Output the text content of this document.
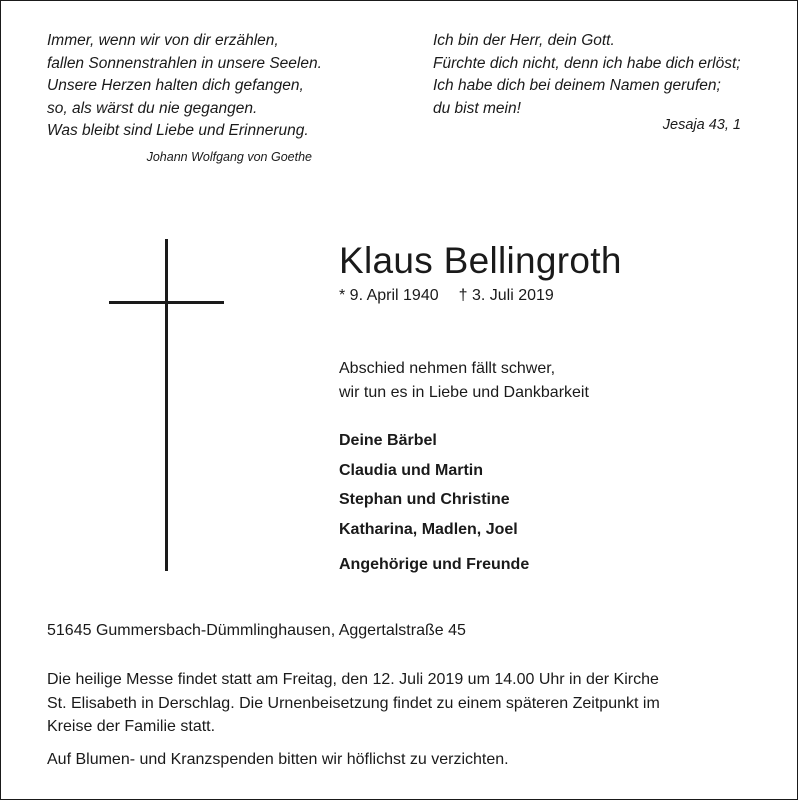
Immer, wenn wir von dir erzählen,
fallen Sonnenstrahlen in unsere Seelen.
Unsere Herzen halten dich gefangen,
so, als wärst du nie gegangen.
Was bleibt sind Liebe und Erinnerung.
Johann Wolfgang von Goethe
Ich bin der Herr, dein Gott.
Fürchte dich nicht, denn ich habe dich erlöst;
Ich habe dich bei deinem Namen gerufen;
du bist mein!
Jesaja 43, 1
Klaus Bellingroth
* 9. April 1940 † 3. Juli 2019
Abschied nehmen fällt schwer,
wir tun es in Liebe und Dankbarkeit
Deine Bärbel
Claudia und Martin
Stephan und Christine
Katharina, Madlen, Joel
Angehörige und Freunde
51645 Gummersbach-Dümmlinghausen, Aggertalstraße 45
Die heilige Messe findet statt am Freitag, den 12. Juli 2019 um 14.00 Uhr in der Kirche
St. Elisabeth in Derschlag. Die Urnenbeisetzung findet zu einem späteren Zeitpunkt im
Kreise der Familie statt.
Auf Blumen- und Kranzspenden bitten wir höflichst zu verzichten.
